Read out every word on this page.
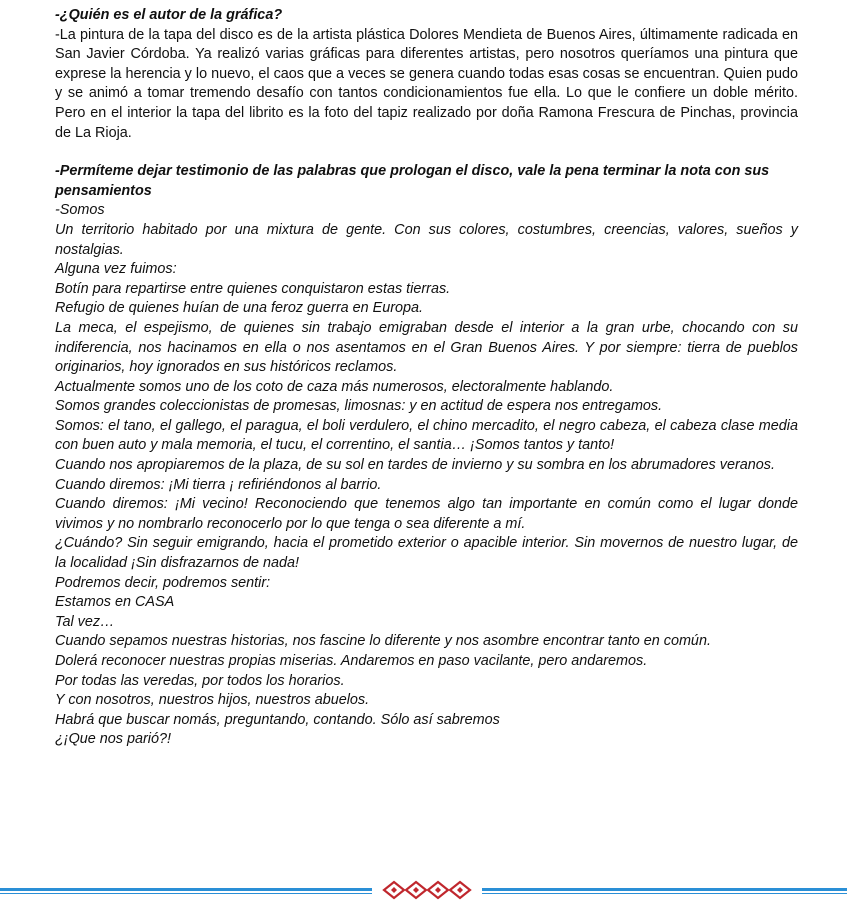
-¿Quién es el autor de la gráfica?

-La pintura de la tapa del disco es de la artista plástica Dolores Mendieta de Buenos Aires, últimamente radicada en San Javier Córdoba. Ya realizó varias gráficas para diferentes artistas, pero nosotros queríamos una pintura que exprese la herencia y lo nuevo, el caos que a veces se genera cuando todas esas cosas se encuentran. Quien pudo y se animó a tomar tremendo desafío con tantos condicionamientos fue ella. Lo que le confiere un doble mérito. Pero en el interior la tapa del librito es la foto del tapiz realizado por doña Ramona Frescura de Pinchas, provincia de La Rioja.

-Permíteme dejar testimonio de las palabras que prologan el disco, vale la pena terminar la nota con sus pensamientos

-Somos
Un territorio habitado por una mixtura de gente. Con sus colores, costumbres, creencias, valores, sueños y nostalgias.
Alguna vez fuimos:
Botín para repartirse entre quienes conquistaron estas tierras.
Refugio de quienes huían de una feroz guerra en Europa.
La meca, el espejismo, de quienes sin trabajo emigraban desde el interior a la gran urbe, chocando con su indiferencia, nos hacinamos en ella o nos asentamos en el Gran Buenos Aires. Y por siempre: tierra de pueblos originarios, hoy ignorados en sus históricos reclamos.
Actualmente somos uno de los coto de caza más numerosos, electoralmente hablando.
Somos grandes coleccionistas de promesas, limosnas: y en actitud de espera nos entregamos.
Somos: el tano, el gallego, el paragua, el boli verdulero, el chino mercadito, el negro cabeza, el cabeza clase media con buen auto y mala memoria, el tucu, el correntino, el santia… ¡Somos tantos y tanto!
Cuando nos apropiaremos de la plaza, de su sol en tardes de invierno y su sombra en los abrumadores veranos.
Cuando diremos: ¡Mi tierra ¡ refiriéndonos al barrio.
Cuando diremos: ¡Mi vecino! Reconociendo que tenemos algo tan importante en común como el lugar donde vivimos y no nombrarlo reconocerlo por lo que tenga o sea diferente a mí.
¿Cuándo? Sin seguir emigrando, hacia el prometido exterior o apacible interior. Sin movernos de nuestro lugar, de la localidad ¡Sin disfrazarnos de nada!
Podremos decir, podremos sentir:
Estamos en CASA
Tal vez…
Cuando sepamos nuestras historias, nos fascine lo diferente y nos asombre encontrar tanto en común.
Dolerá reconocer nuestras propias miserias. Andaremos en paso vacilante, pero andaremos.
Por todas las veredas, por todos los horarios.
Y con nosotros, nuestros hijos, nuestros abuelos.
Habrá que buscar nomás, preguntando, contando. Sólo así sabremos
¿¡Que nos parió?!
